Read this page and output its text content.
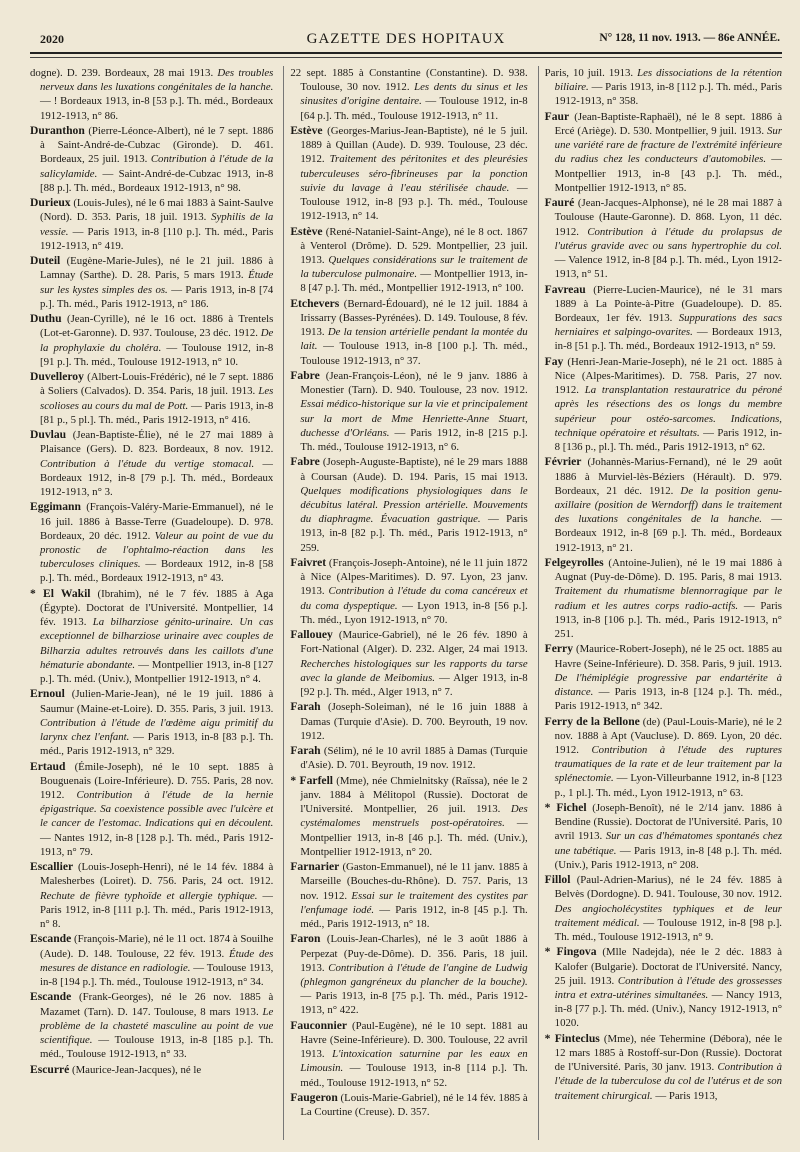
2020	GAZETTE DES HOPITAUX	N° 128, 11 nov. 1913. — 86e ANNÉE.

dogne). D. 239. Bordeaux, 28 mai 1913. Des troubles nerveux dans les luxations congénitales de la hanche. — ! Bordeaux 1913, in-8 [53 p.]. Th. méd., Bordeaux 1912-1913, n° 86.

Duranthon (Pierre-Léonce-Albert), né le 7 sept. 1886 à Saint-André-de-Cubzac (Gironde). D. 461. Bordeaux, 25 juil. 1913. Contribution à l'étude de la salicylamide. — Saint-André-de-Cubzac 1913, in-8 [88 p.]. Th. méd., Bordeaux 1912-1913, n° 98.

Durieux (Louis-Jules), né le 6 mai 1883 à Saint-Saulve (Nord). D. 353. Paris, 18 juil. 1913. Syphilis de la vessie. — Paris 1913, in-8 [110 p.]. Th. méd., Paris 1912-1913, n° 419.

Duteil (Eugène-Marie-Jules), né le 21 juil. 1886 à Lamnay (Sarthe). D. 28. Paris, 5 mars 1913. Étude sur les kystes simples des os. — Paris 1913, in-8 [74 p.]. Th. méd., Paris 1912-1913, n° 186.

Duthu (Jean-Cyrille), né le 16 oct. 1886 à Trentels (Lot-et-Garonne). D. 937. Toulouse, 23 déc. 1912. De la prophylaxie du choléra. — Toulouse 1912, in-8 [91 p.]. Th. méd., Toulouse 1912-1913, n° 10.

Duvelleroy (Albert-Louis-Frédéric), né le 7 sept. 1886 à Soliers (Calvados). D. 354. Paris, 18 juil. 1913. Les scolioses au cours du mal de Pott. — Paris 1913, in-8 [81 p., 5 pl.]. Th. méd., Paris 1912-1913, n° 416.

Duvlau (Jean-Baptiste-Élie), né le 27 mai 1889 à Plaisance (Gers). D. 823. Bordeaux, 8 nov. 1912. Contribution à l'étude du vertige stomacal. — Bordeaux 1912, in-8 [79 p.]. Th. méd., Bordeaux 1912-1913, n° 3.

Eggimann (François-Valéry-Marie-Emmanuel), né le 16 juil. 1886 à Basse-Terre (Guadeloupe). D. 978. Bordeaux, 20 déc. 1912. Valeur au point de vue du pronostic de l'ophtalmo-réaction dans les tuberculoses cliniques. — Bordeaux 1912, in-8 [58 p.]. Th. méd., Bordeaux 1912-1913, n° 43.

* El Wakil (Ibrahim), né le 7 fév. 1885 à Aga (Égypte). Doctorat de l'Université. Montpellier, 14 fév. 1913. La bilharziose génito-urinaire. Un cas exceptionnel de bilharziose urinaire avec couples de Bilharzia adultes retrouvés dans les caillots d'une hématurie abondante. — Montpellier 1913, in-8 [127 p.]. Th. méd. (Univ.), Montpellier 1912-1913, n° 4.

Ernoul (Julien-Marie-Jean), né le 19 juil. 1886 à Saumur (Maine-et-Loire). D. 355. Paris, 3 juil. 1913. Contribution à l'étude de l'œdème aigu primitif du larynx chez l'enfant. — Paris 1913, in-8 [83 p.]. Th. méd., Paris 1912-1913, n° 329.

Ertaud (Émile-Joseph), né le 10 sept. 1885 à Bouguenais (Loire-Inférieure). D. 755. Paris, 28 nov. 1912. Contribution à l'étude de la hernie épigastrique. Sa coexistence possible avec l'ulcère et le cancer de l'estomac. Indications qui en découlent. — Nantes 1912, in-8 [128 p.]. Th. méd., Paris 1912-1913, n° 79.

Escallier (Louis-Joseph-Henri), né le 14 fév. 1884 à Malesherbes (Loiret). D. 756. Paris, 24 oct. 1912. Rechute de fièvre typhoïde et allergie typhique. — Paris 1912, in-8 [111 p.]. Th. méd., Paris 1912-1913, n° 8.

Escande (François-Marie), né le 11 oct. 1874 à Souilhe (Aude). D. 148. Toulouse, 22 fév. 1913. Étude des mesures de distance en radiologie. — Toulouse 1913, in-8 [194 p.]. Th. méd., Toulouse 1912-1913, n° 34.

Escande (Frank-Georges), né le 26 nov. 1885 à Mazamet (Tarn). D. 147. Toulouse, 8 mars 1913. Le problème de la chasteté masculine au point de vue scientifique. — Toulouse 1913, in-8 [185 p.]. Th. méd., Toulouse 1912-1913, n° 33.

Escurré (Maurice-Jean-Jacques), né le

22 sept. 1885 à Constantine (Constantine). D. 938. Toulouse, 30 nov. 1912. Les dents du sinus et les sinusites d'origine dentaire. — Toulouse 1912, in-8 [64 p.]. Th. méd., Toulouse 1912-1913, n° 11.

Estève (Georges-Marius-Jean-Baptiste), né le 5 juil. 1889 à Quillan (Aude). D. 939. Toulouse, 23 déc. 1912. Traitement des péritonites et des pleurésies tuberculeuses séro-fibrineuses par la ponction suivie du lavage à l'eau stérilisée chaude. — Toulouse 1912, in-8 [93 p.]. Th. méd., Toulouse 1912-1913, n° 14.

Estève (René-Nataniel-Saint-Ange), né le 8 oct. 1867 à Venterol (Drôme). D. 529. Montpellier, 23 juil. 1913. Quelques considérations sur le traitement de la tuberculose pulmonaire. — Montpellier 1913, in-8 [47 p.]. Th. méd., Montpellier 1912-1913, n° 100.

Etchevers (Bernard-Édouard), né le 12 juil. 1884 à Irissarry (Basses-Pyrénées). D. 149. Toulouse, 8 fév. 1913. De la tension artérielle pendant la montée du lait. — Toulouse 1913, in-8 [100 p.]. Th. méd., Toulouse 1912-1913, n° 37.

Fabre (Jean-François-Léon), né le 9 janv. 1886 à Monestier (Tarn). D. 940. Toulouse, 23 nov. 1912. Essai médico-historique sur la vie et principalement sur la mort de Mme Henriette-Anne Stuart, duchesse d'Orléans. — Paris 1912, in-8 [215 p.]. Th. méd., Toulouse 1912-1913, n° 6.

Fabre (Joseph-Auguste-Baptiste), né le 29 mars 1888 à Coursan (Aude). D. 194. Paris, 15 mai 1913. Quelques modifications physiologiques dans le décubitus latéral. Pression artérielle. Mouvements du diaphragme. Évacuation gastrique. — Paris 1913, in-8 [82 p.]. Th. méd., Paris 1912-1913, n° 259.

Faivret (François-Joseph-Antoine), né le 11 juin 1872 à Nice (Alpes-Maritimes). D. 97. Lyon, 23 janv. 1913. Contribution à l'étude du coma cancéreux et du coma dyspeptique. — Lyon 1913, in-8 [56 p.]. Th. méd., Lyon 1912-1913, n° 70.

Fallouey (Maurice-Gabriel), né le 26 fév. 1890 à Fort-National (Alger). D. 232. Alger, 24 mai 1913. Recherches histologiques sur les rapports du tarse avec la glande de Meibomius. — Alger 1913, in-8 [92 p.]. Th. méd., Alger 1913, n° 7.

Farah (Joseph-Soleiman), né le 16 juin 1888 à Damas (Turquie d'Asie). D. 700. Beyrouth, 19 nov. 1912.

Farah (Sélim), né le 10 avril 1885 à Damas (Turquie d'Asie). D. 701. Beyrouth, 19 nov. 1912.

* Farfell (Mme), née Chmielnitsky (Raïssa), née le 2 janv. 1884 à Mélitopol (Russie). Doctorat de l'Université. Montpellier, 26 juil. 1913. Des cystémalomes menstruels post-opératoires. — Montpellier 1913, in-8 [46 p.]. Th. méd. (Univ.), Montpellier 1912-1913, n° 20.

Farnarier (Gaston-Emmanuel), né le 11 janv. 1885 à Marseille (Bouches-du-Rhône). D. 757. Paris, 13 nov. 1912. Essai sur le traitement des cystites par l'enfumage iodé. — Paris 1912, in-8 [45 p.]. Th. méd., Paris 1912-1913, n° 18.

Faron (Louis-Jean-Charles), né le 3 août 1886 à Perpezat (Puy-de-Dôme). D. 356. Paris, 18 juil. 1913. Contribution à l'étude de l'angine de Ludwig (phlegmon gangréneux du plancher de la bouche). — Paris 1913, in-8 [75 p.]. Th. méd., Paris 1912-1913, n° 422.

Fauconnier (Paul-Eugène), né le 10 sept. 1881 au Havre (Seine-Inférieure). D. 300. Toulouse, 22 avril 1913. L'intoxication saturnine par les eaux en Limousin. — Toulouse 1913, in-8 [114 p.]. Th. méd., Toulouse 1912-1913, n° 52.

Faugeron (Louis-Marie-Gabriel), né le 14 fév. 1885 à La Courtine (Creuse). D. 357.

Paris, 10 juil. 1913. Les dissociations de la rétention biliaire. — Paris 1913, in-8 [112 p.]. Th. méd., Paris 1912-1913, n° 358.

Faur (Jean-Baptiste-Raphaël), né le 8 sept. 1886 à Ercé (Ariège). D. 530. Montpellier, 9 juil. 1913. Sur une variété rare de fracture de l'extrémité inférieure du radius chez les conducteurs d'automobiles. — Montpellier 1913, in-8 [43 p.]. Th. méd., Montpellier 1912-1913, n° 85.

Fauré (Jean-Jacques-Alphonse), né le 28 mai 1887 à Toulouse (Haute-Garonne). D. 868. Lyon, 11 déc. 1912. Contribution à l'étude du prolapsus de l'utérus gravide avec ou sans hypertrophie du col. — Valence 1912, in-8 [84 p.]. Th. méd., Lyon 1912-1913, n° 51.

Favreau (Pierre-Lucien-Maurice), né le 31 mars 1889 à La Pointe-à-Pitre (Guadeloupe). D. 85. Bordeaux, 1er fév. 1913. Suppurations des sacs herniaires et salpingo-ovarites. — Bordeaux 1913, in-8 [51 p.]. Th. méd., Bordeaux 1912-1913, n° 59.

Fay (Henri-Jean-Marie-Joseph), né le 21 oct. 1885 à Nice (Alpes-Maritimes). D. 758. Paris, 27 nov. 1912. La transplantation restauratrice du péroné après les résections des os longs du membre supérieur pour ostéo-sarcomes. Indications, technique opératoire et résultats. — Paris 1912, in-8 [136 p., pl.]. Th. méd., Paris 1912-1913, n° 62.

Février (Johannès-Marius-Fernand), né le 29 août 1886 à Murviel-lès-Béziers (Hérault). D. 979. Bordeaux, 21 déc. 1912. De la position genu-axillaire (position de Werndorff) dans le traitement des luxations congénitales de la hanche. — Bordeaux 1912, in-8 [69 p.]. Th. méd., Bordeaux 1912-1913, n° 21.

Felgeyrolles (Antoine-Julien), né le 19 mai 1886 à Augnat (Puy-de-Dôme). D. 195. Paris, 8 mai 1913. Traitement du rhumatisme blennorragique par le radium et les autres corps radio-actifs. — Paris 1913, in-8 [106 p.]. Th. méd., Paris 1912-1913, n° 251.

Ferry (Maurice-Robert-Joseph), né le 25 oct. 1885 au Havre (Seine-Inférieure). D. 358. Paris, 9 juil. 1913. De l'hémiplégie progressive par endartérite à distance. — Paris 1913, in-8 [124 p.]. Th. méd., Paris 1912-1913, n° 342.

Ferry de la Bellone (de) (Paul-Louis-Marie), né le 2 nov. 1888 à Apt (Vaucluse). D. 869. Lyon, 20 déc. 1912. Contribution à l'étude des ruptures traumatiques de la rate et de leur traitement par la splénectomie. — Lyon-Villeurbanne 1912, in-8 [123 p., 1 pl.]. Th. méd., Lyon 1912-1913, n° 63.

* Fichel (Joseph-Benoît), né le 2/14 janv. 1886 à Bendine (Russie). Doctorat de l'Université. Paris, 10 avril 1913. Sur un cas d'hématomes spontanés chez une tabétique. — Paris 1913, in-8 [48 p.]. Th. méd. (Univ.), Paris 1912-1913, n° 208.

Fillol (Paul-Adrien-Marius), né le 24 fév. 1885 à Belvès (Dordogne). D. 941. Toulouse, 30 nov. 1912. Des angiocholécystites typhiques et de leur traitement médical. — Toulouse 1912, in-8 [98 p.]. Th. méd., Toulouse 1912-1913, n° 9.

* Fingova (Mlle Nadejda), née le 2 déc. 1883 à Kalofer (Bulgarie). Doctorat de l'Université. Nancy, 25 juil. 1913. Contribution à l'étude des grossesses intra et extra-utérines simultanées. — Nancy 1913, in-8 [77 p.]. Th. méd. (Univ.), Nancy 1912-1913, n° 1020.

* Finteclus (Mme), née Tehermine (Débora), née le 12 mars 1885 à Rostoff-sur-Don (Russie). Doctorat de l'Université. Paris, 30 janv. 1913. Contribution à l'étude de la tuberculose du col de l'utérus et de son traitement chirurgical. — Paris 1913,
